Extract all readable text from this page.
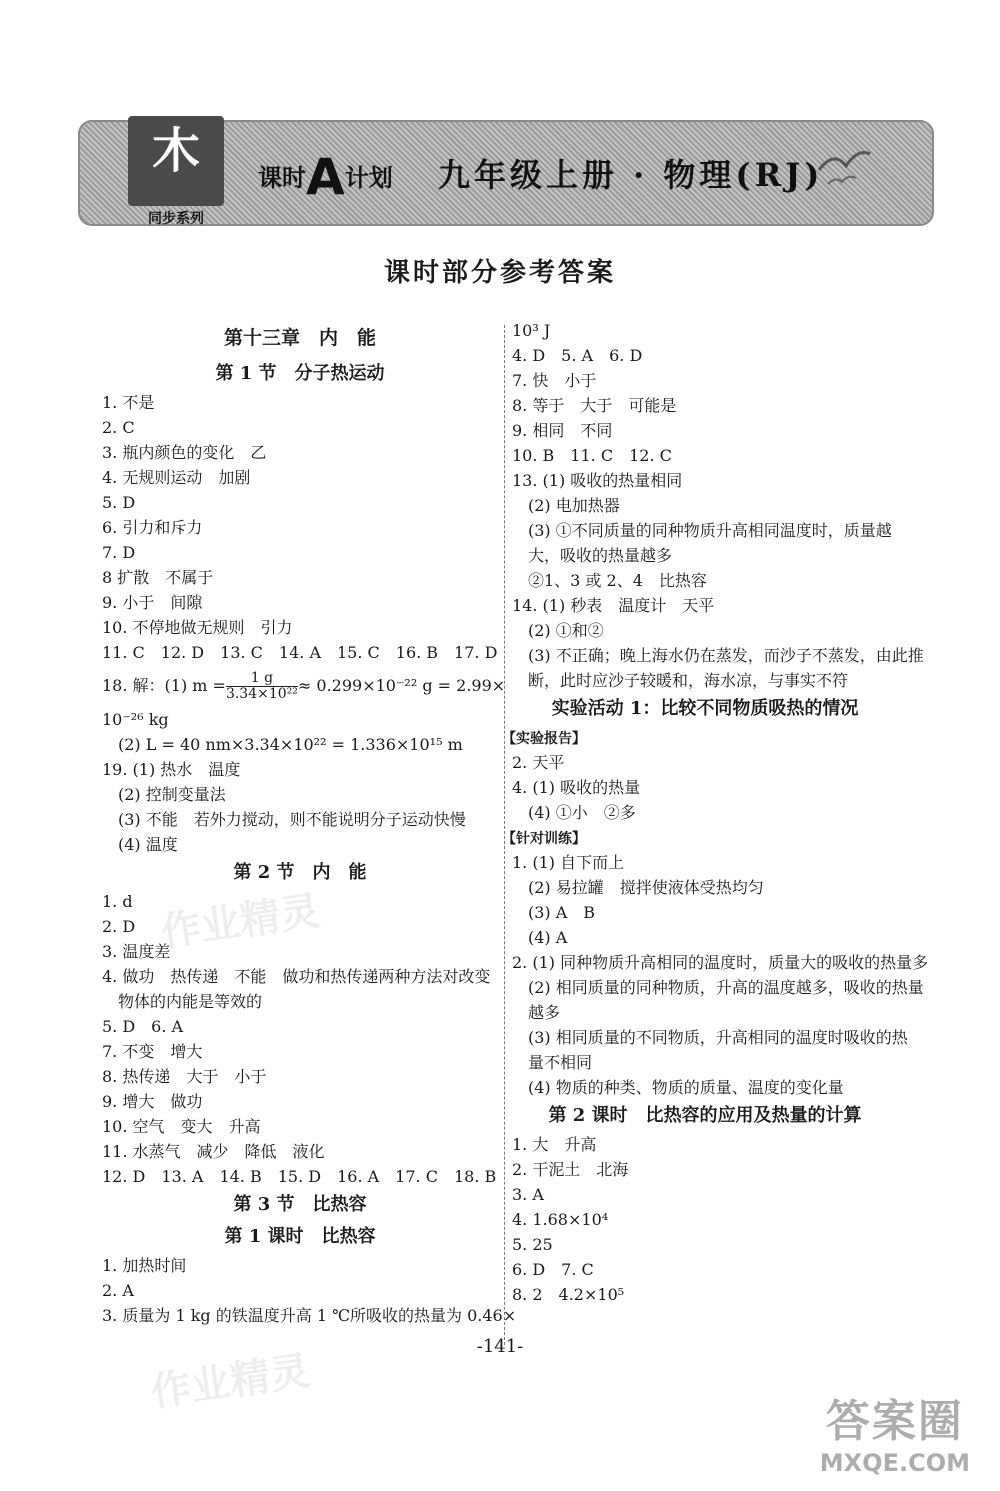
木
同步系列
课时A计划 九年级上册 · 物理(RJ)
课时部分参考答案
第十三章　内　能
第 1 节　分子热运动
1. 不是
2. C
3. 瓶内颜色的变化　乙
4. 无规则运动　加剧
5. D
6. 引力和斥力
7. D
8 扩散　不属于
9. 小于　间隙
10. 不停地做无规则　引力
11. C　12. D　13. C　14. A　15. C　16. B　17. D
18. 解：(1) $m = \frac{1 g}{\text{3.34×10²²}} \approx 0.299\times 10^{-22}$ g = 2.99×
10⁻²⁶ kg
(2) L = 40 nm×3.34×10²² = 1.336×10¹⁵ m
19. (1) 热水　温度
(2) 控制变量法
(3) 不能　若外力搅动，则不能说明分子运动快慢
(4) 温度
第 2 节　内　能
1. d
2. D
3. 温度差
4. 做功　热传递　不能　做功和热传递两种方法对改变
物体的内能是等效的
5. D　6. A
7. 不变　增大
8. 热传递　大于　小于
9. 增大　做功
10. 空气　变大　升高
11. 水蒸气　减少　降低　液化
12. D　13. A　14. B　15. D　16. A　17. C　18. B
第 3 节　比热容
第 1 课时　比热容
1. 加热时间
2. A
3. 质量为 1 kg 的铁温度升高 1 ℃所吸收的热量为 0.46×
10³ J
4. D　5. A　6. D
7. 快　小于
8. 等于　大于　可能是
9. 相同　不同
10. B　11. C　12. C
13. (1) 吸收的热量相同
(2) 电加热器
(3) ①不同质量的同种物质升高相同温度时，质量越
大，吸收的热量越多
②1、3 或 2、4　比热容
14. (1) 秒表　温度计　天平
(2) ①和②
(3) 不正确；晚上海水仍在蒸发，而沙子不蒸发，由此推
断，此时应沙子较暖和，海水凉，与事实不符
实验活动 1：比较不同物质吸热的情况
【实验报告】
2. 天平
4. (1) 吸收的热量
(4) ①小　②多
【针对训练】
1. (1) 自下而上
(2) 易拉罐　搅拌使液体受热均匀
(3) A　B
(4) A
2. (1) 同种物质升高相同的温度时，质量大的吸收的热量多
(2) 相同质量的同种物质，升高的温度越多，吸收的热量
越多
(3) 相同质量的不同物质，升高相同的温度时吸收的热
量不相同
(4) 物质的种类、物质的质量、温度的变化量
第 2 课时　比热容的应用及热量的计算
1. 大　升高
2. 干泥土　北海
3. A
4. 1.68×10⁴
5. 25
6. D　7. C
8. 2　4.2×10⁵
作业精灵
作业精灵
-141-
答案圈
MXQE.COM
